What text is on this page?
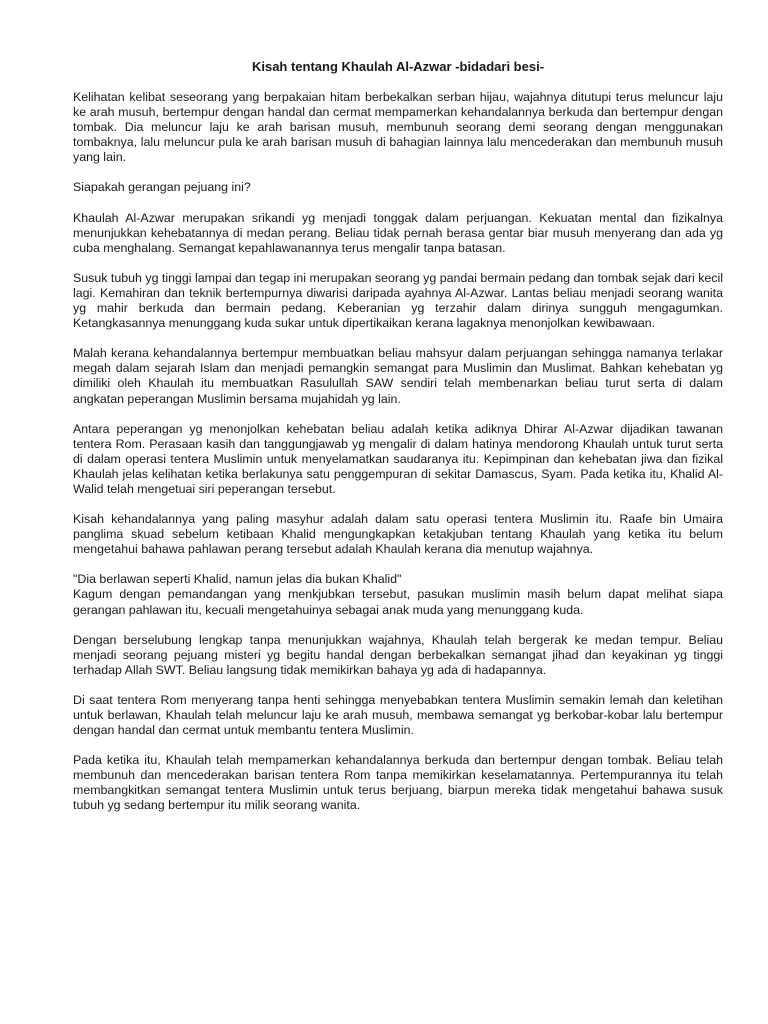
Kisah tentang Khaulah Al-Azwar -bidadari besi-
Kelihatan kelibat seseorang yang berpakaian hitam berbekalkan serban hijau, wajahnya ditutupi terus meluncur laju ke arah musuh, bertempur dengan handal dan cermat mempamerkan kehandalannya berkuda dan bertempur dengan tombak. Dia meluncur laju ke arah barisan musuh, membunuh seorang demi seorang dengan menggunakan tombaknya, lalu meluncur pula ke arah barisan musuh di bahagian lainnya lalu mencederakan dan membunuh musuh yang lain.
Siapakah gerangan pejuang ini?
Khaulah Al-Azwar merupakan srikandi yg menjadi tonggak dalam perjuangan. Kekuatan mental dan fizikalnya menunjukkan kehebatannya di medan perang. Beliau tidak pernah berasa gentar biar musuh menyerang dan ada yg cuba menghalang. Semangat kepahlawanannya terus mengalir tanpa batasan.
Susuk tubuh yg tinggi lampai dan tegap ini merupakan seorang yg pandai bermain pedang dan tombak sejak dari kecil lagi. Kemahiran dan teknik bertempurnya diwarisi daripada ayahnya Al-Azwar. Lantas beliau menjadi seorang wanita yg mahir berkuda dan bermain pedang. Keberanian yg terzahir dalam dirinya sungguh mengagumkan. Ketangkasannya menunggang kuda sukar untuk dipertikaikan kerana lagaknya menonjolkan kewibawaan.
Malah kerana kehandalannya bertempur membuatkan beliau mahsyur dalam perjuangan sehingga namanya terlakar megah dalam sejarah Islam dan menjadi pemangkin semangat para Muslimin dan Muslimat. Bahkan kehebatan yg dimiliki oleh Khaulah itu membuatkan Rasulullah SAW sendiri telah membenarkan beliau turut serta di dalam angkatan peperangan Muslimin bersama mujahidah yg lain.
Antara peperangan yg menonjolkan kehebatan beliau adalah ketika adiknya Dhirar Al-Azwar dijadikan tawanan tentera Rom. Perasaan kasih dan tanggungjawab yg mengalir di dalam hatinya mendorong Khaulah untuk turut serta di dalam operasi tentera Muslimin untuk menyelamatkan saudaranya itu. Kepimpinan dan kehebatan jiwa dan fizikal Khaulah jelas kelihatan ketika berlakunya satu penggempuran di sekitar Damascus, Syam. Pada ketika itu, Khalid Al-Walid telah mengetuai siri peperangan tersebut.
Kisah kehandalannya yang paling masyhur adalah dalam satu operasi tentera Muslimin itu. Raafe bin Umaira panglima skuad sebelum ketibaan Khalid mengungkapkan ketakjuban tentang Khaulah yang ketika itu belum mengetahui bahawa pahlawan perang tersebut adalah Khaulah kerana dia menutup wajahnya.
"Dia berlawan seperti Khalid, namun jelas dia bukan Khalid"
Kagum dengan pemandangan yang menkjubkan tersebut, pasukan muslimin masih belum dapat melihat siapa gerangan pahlawan itu, kecuali mengetahuinya sebagai anak muda yang menunggang kuda.
Dengan berselubung lengkap tanpa menunjukkan wajahnya, Khaulah telah bergerak ke medan tempur. Beliau menjadi seorang pejuang misteri yg begitu handal dengan berbekalkan semangat jihad dan keyakinan yg tinggi terhadap Allah SWT. Beliau langsung tidak memikirkan bahaya yg ada di hadapannya.
Di saat tentera Rom menyerang tanpa henti sehingga menyebabkan tentera Muslimin semakin lemah dan keletihan untuk berlawan, Khaulah telah meluncur laju ke arah musuh, membawa semangat yg berkobar-kobar lalu bertempur dengan handal dan cermat untuk membantu tentera Muslimin.
Pada ketika itu, Khaulah telah mempamerkan kehandalannya berkuda dan bertempur dengan tombak. Beliau telah membunuh dan mencederakan barisan tentera Rom tanpa memikirkan keselamatannya. Pertempurannya itu telah membangkitkan semangat tentera Muslimin untuk terus berjuang, biarpun mereka tidak mengetahui bahawa susuk tubuh yg sedang bertempur itu milik seorang wanita.
